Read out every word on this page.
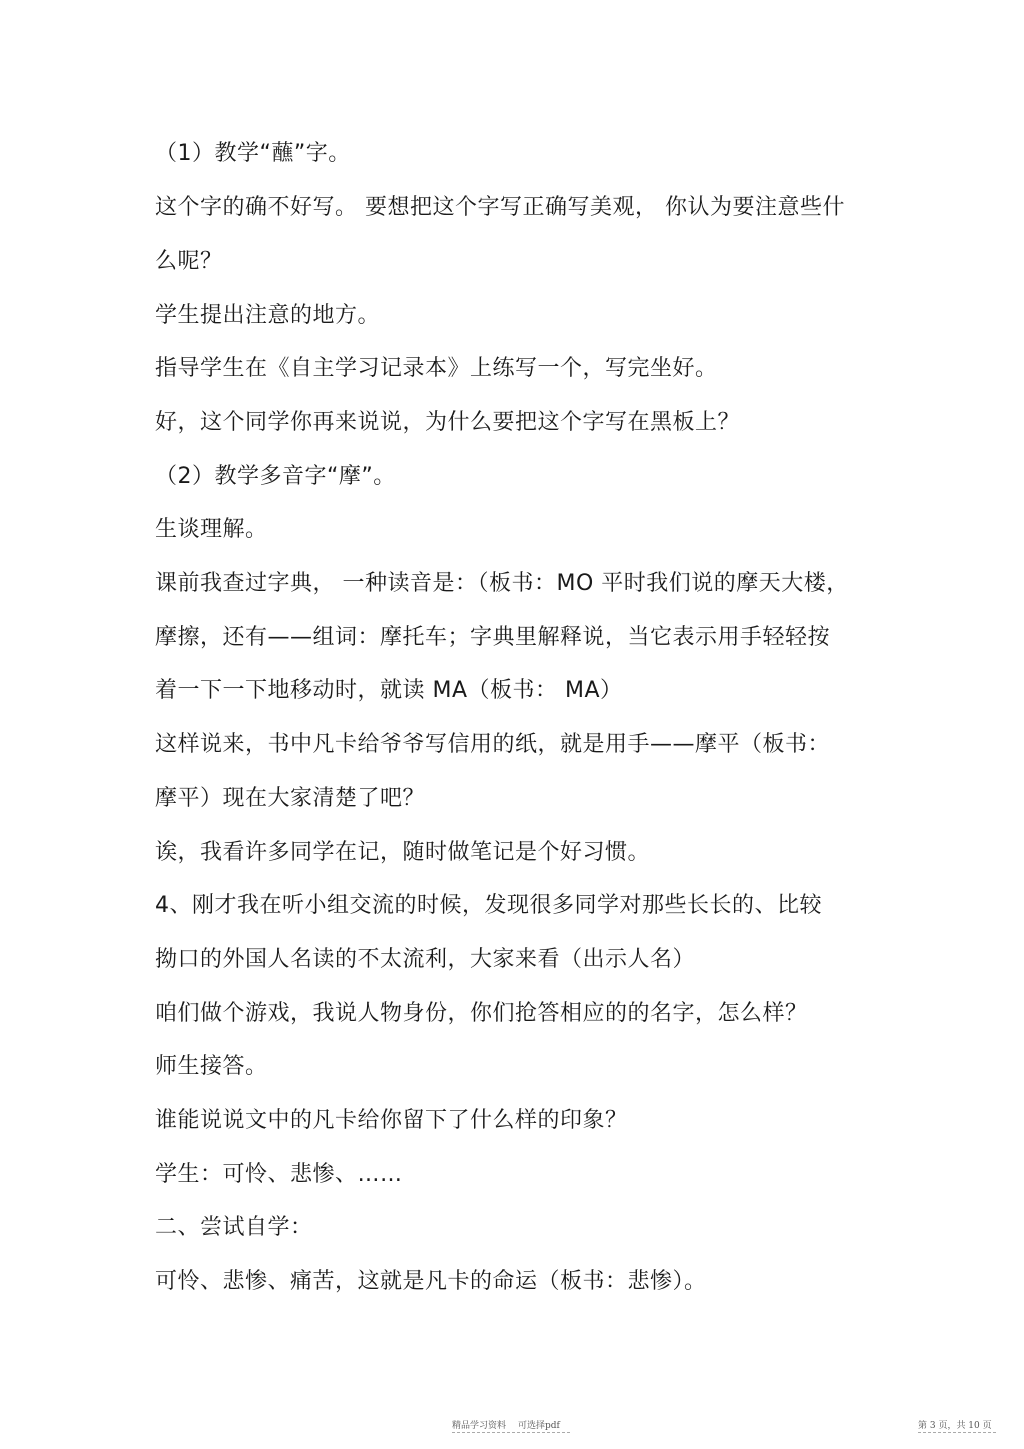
（1）教学“蘸”字。
这个字的确不好写。 要想把这个字写正确写美观， 你认为要注意些什
么呢？
学生提出注意的地方。
指导学生在《自主学习记录本》上练写一个，写完坐好。
好，这个同学你再来说说，为什么要把这个字写在黑板上？
（2）教学多音字“摩”。
生谈理解。
课前我查过字典， 一种读音是：（板书：MO 平时我们说的摩天大楼，
摩擦，还有——组词：摩托车；字典里解释说，当它表示用手轻轻按
着一下一下地移动时，就读 MA（板书： MA）
这样说来，书中凡卡给爷爷写信用的纸，就是用手——摩平（板书：
摩平）现在大家清楚了吧？
诶，我看许多同学在记，随时做笔记是个好习惯。
4、刚才我在听小组交流的时候，发现很多同学对那些长长的、比较
拗口的外国人名读的不太流利，大家来看（出示人名）
咱们做个游戏，我说人物身份，你们抢答相应的的名字，怎么样？
师生接答。
谁能说说文中的凡卡给你留下了什么样的印象？
学生：可怜、悲惨、……
二、尝试自学：
可怜、悲惨、痛苦，这就是凡卡的命运（板书：悲惨）。
精品学习资料 可选择pdf	第 3 页，共 10 页
